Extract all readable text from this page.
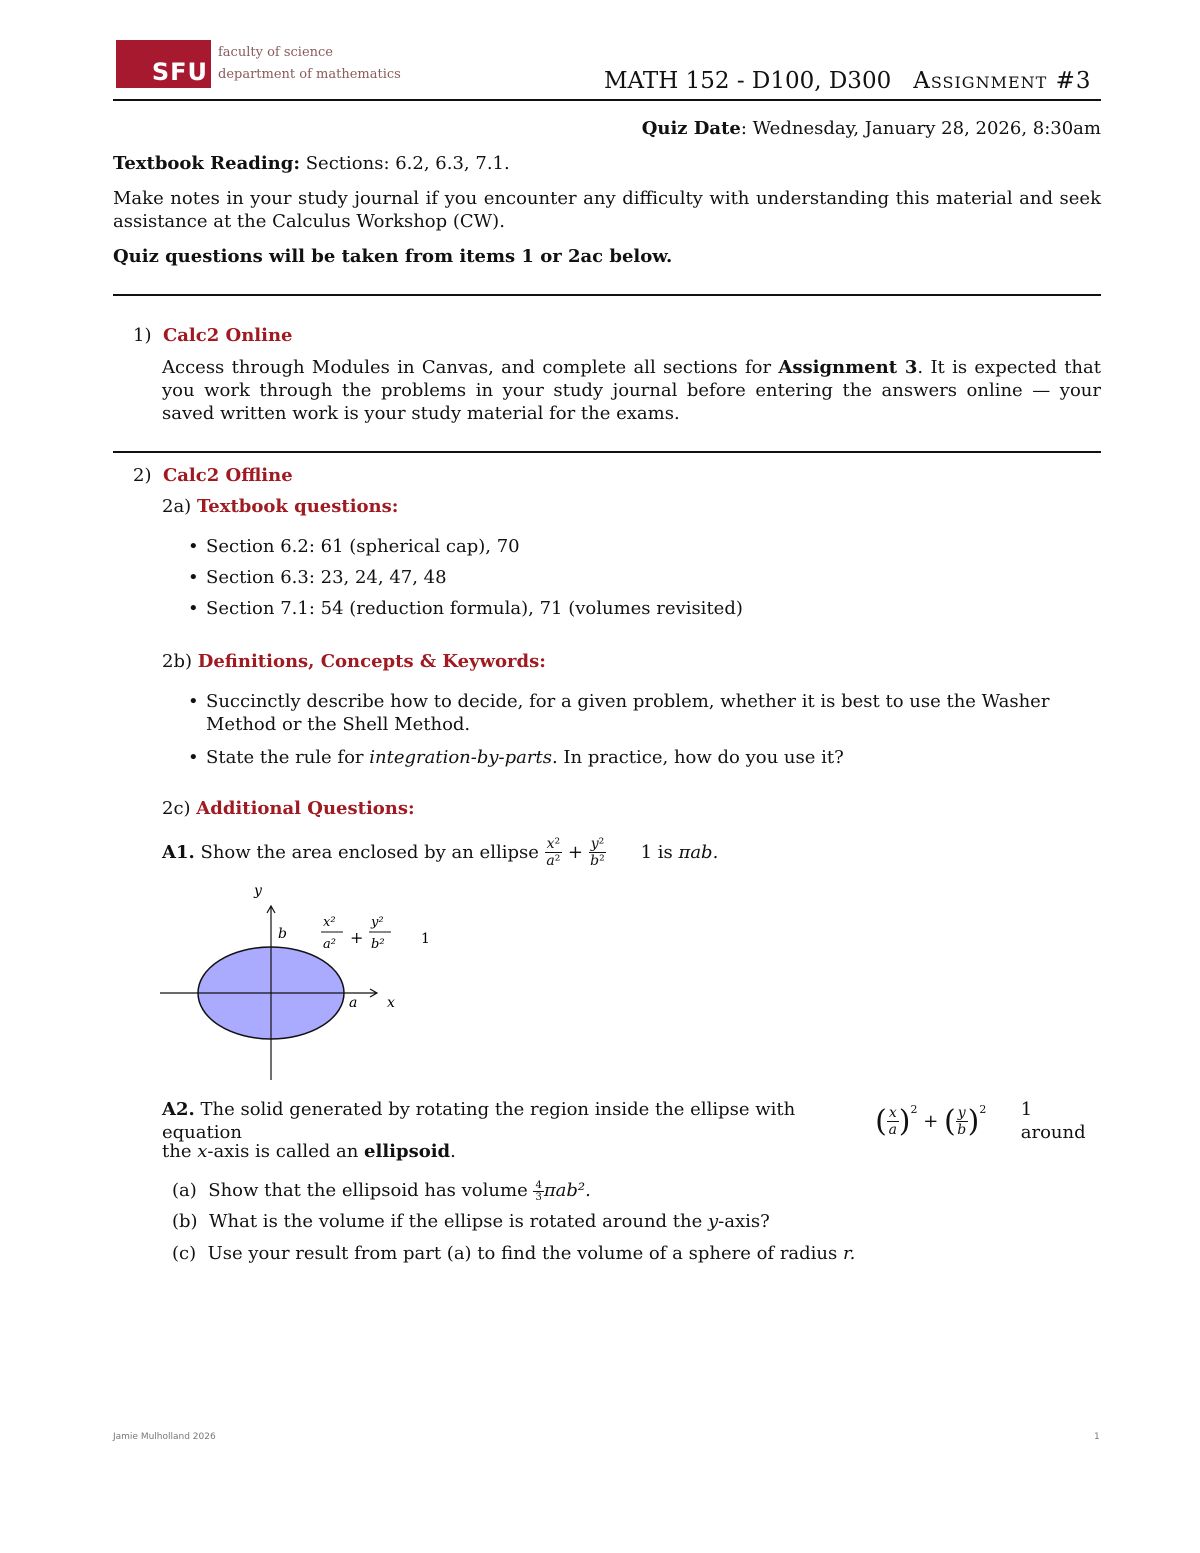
SFU
faculty of science
department of mathematics	MATH 152 - D100, D300 Assignment #3
Quiz Date: Wednesday, January 28, 2026, 8:30am
Textbook Reading: Sections: 6.2, 6.3, 7.1.
Make notes in your study journal if you encounter any difficulty with understanding this material and seek assistance at the Calculus Workshop (CW).
Quiz questions will be taken from items 1 or 2ac below.
1) Calc2 Online
Access through Modules in Canvas, and complete all sections for Assignment 3. It is expected that you work through the problems in your study journal before entering the answers online — your saved written work is your study material for the exams.
2) Calc2 Offline
2a) Textbook questions:
• Section 6.2: 61 (spherical cap), 70
• Section 6.3: 23, 24, 47, 48
• Section 7.1: 54 (reduction formula), 71 (volumes revisited)
2b) Definitions, Concepts & Keywords:
• Succinctly describe how to decide, for a given problem, whether it is best to use the Washer Method or the Shell Method.
• State the rule for integration-by-parts. In practice, how do you use it?
2c) Additional Questions:
A1.
Show the area enclosed by an ellipse
$\frac{\text{x²}}{\text{a²}} + \frac{\text{y²}}{\text{b²}}$
1 is
πab.
y
x
a
b
x²
a² +
y²
b²	1
A2. The solid generated by rotating the region inside the ellipse with equation	( $\frac{x}{a} )^2$
+ ( $\frac{y}{b} )^2$
1 around
the x-axis is called an ellipsoid.
(a) Show that the ellipsoid has volume $\frac{4}{3} \pi ab^2$.
(b) What is the volume if the ellipse is rotated around the y-axis?
(c) Use your result from part (a) to find the volume of a sphere of radius r.
Jamie Mulholland 2026	1
